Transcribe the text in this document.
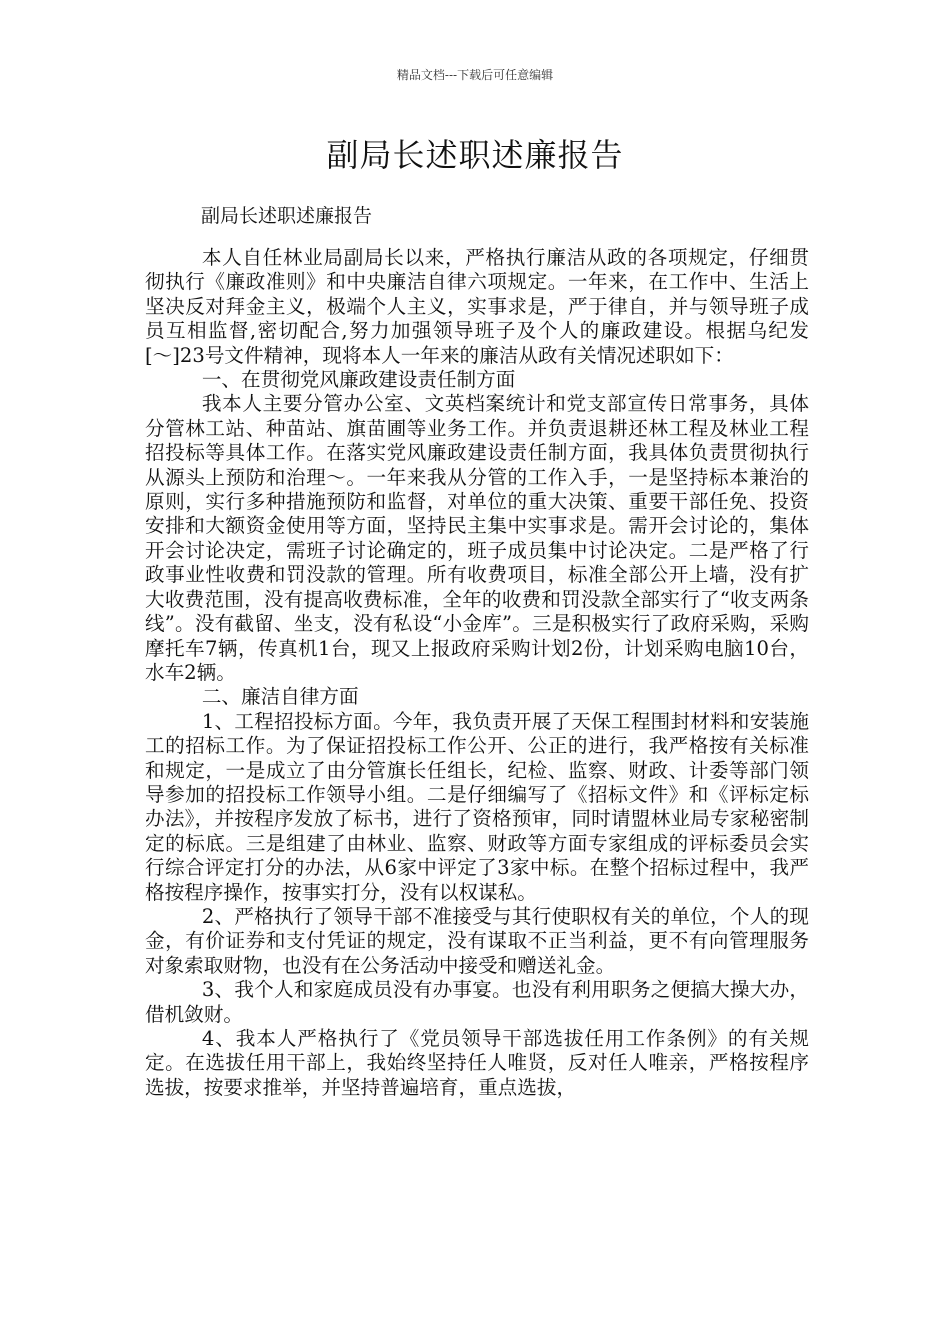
精品文档---下载后可任意编辑
副局长述职述廉报告
副局长述职述廉报告

本人自任林业局副局长以来，严格执行廉洁从政的各项规定，仔细贯彻执行《廉政准则》和中央廉洁自律六项规定。一年来，在工作中、生活上坚决反对拜金主义，极端个人主义，实事求是，严于律自，并与领导班子成员互相监督,密切配合,努力加强领导班子及个人的廉政建设。根据乌纪发[～]23号文件精神，现将本人一年来的廉洁从政有关情况述职如下：

一、在贯彻党风廉政建设责任制方面

我本人主要分管办公室、文英档案统计和党支部宣传日常事务，具体分管林工站、种苗站、旗苗圃等业务工作。并负责退耕还林工程及林业工程招投标等具体工作。在落实党风廉政建设责任制方面，我具体负责贯彻执行从源头上预防和治理～。一年来我从分管的工作入手，一是坚持标本兼治的原则，实行多种措施预防和监督，对单位的重大决策、重要干部任免、投资安排和大额资金使用等方面，坚持民主集中实事求是。需开会讨论的，集体开会讨论决定，需班子讨论确定的，班子成员集中讨论决定。二是严格了行政事业性收费和罚没款的管理。所有收费项目，标准全部公开上墙，没有扩大收费范围，没有提高收费标准，全年的收费和罚没款全部实行了“收支两条线”。没有截留、坐支，没有私设“小金库”。三是积极实行了政府采购，采购摩托车7辆，传真机1台，现又上报政府采购计划2份，计划采购电脑10台，水车2辆。

二、廉洁自律方面

1、工程招投标方面。今年，我负责开展了天保工程围封材料和安装施工的招标工作。为了保证招投标工作公开、公正的进行，我严格按有关标准和规定，一是成立了由分管旗长任组长，纪检、监察、财政、计委等部门领导参加的招投标工作领导小组。二是仔细编写了《招标文件》和《评标定标办法》，并按程序发放了标书，进行了资格预审，同时请盟林业局专家秘密制定的标底。三是组建了由林业、监察、财政等方面专家组成的评标委员会实行综合评定打分的办法，从6家中评定了3家中标。在整个招标过程中，我严格按程序操作，按事实打分，没有以权谋私。

2、严格执行了领导干部不准接受与其行使职权有关的单位，个人的现金，有价证券和支付凭证的规定，没有谋取不正当利益，更不有向管理服务对象索取财物，也没有在公务活动中接受和赠送礼金。

3、我个人和家庭成员没有办事宴。也没有利用职务之便搞大操大办，借机敛财。

4、我本人严格执行了《党员领导干部选拔任用工作条例》的有关规定。在选拔任用干部上，我始终坚持任人唯贤，反对任人唯亲，严格按程序选拔，按要求推举，并坚持普遍培育，重点选拔，
